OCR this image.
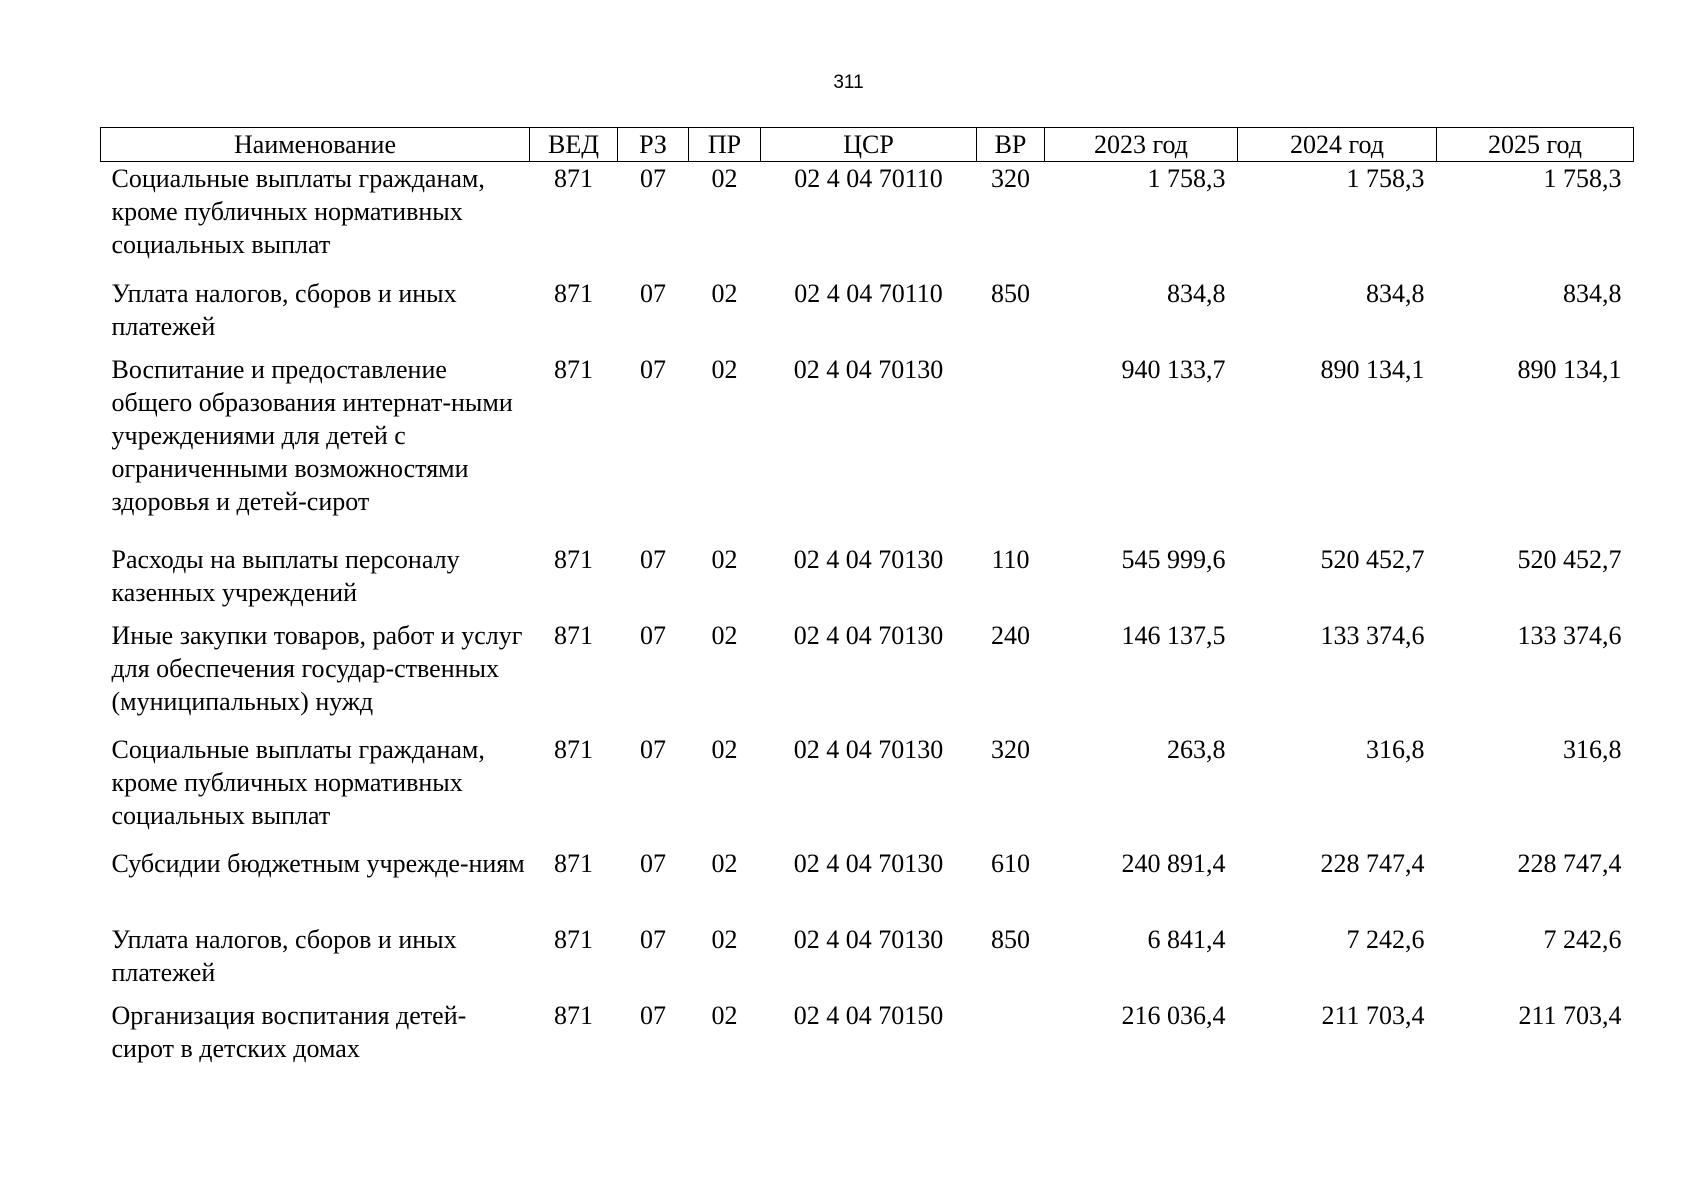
311
Наименование	ВЕД	РЗ	ПР	ЦСР	ВР	2023 год	2024 год	2025 год
Социальные выплаты гражданам, кроме публичных нормативных социальных выплат	871	07	02	02 4 04 70110	320	1 758,3	1 758,3	1 758,3
Уплата налогов, сборов и иных платежей	871	07	02	02 4 04 70110	850	834,8	834,8	834,8
Воспитание и предоставление общего образования интернат-ными учреждениями для детей с ограниченными возможностями здоровья и детей-сирот	871	07	02	02 4 04 70130		940 133,7	890 134,1	890 134,1
Расходы на выплаты персоналу казенных учреждений	871	07	02	02 4 04 70130	110	545 999,6	520 452,7	520 452,7
Иные закупки товаров, работ и услуг для обеспечения государ-ственных (муниципальных) нужд	871	07	02	02 4 04 70130	240	146 137,5	133 374,6	133 374,6
Социальные выплаты гражданам, кроме публичных нормативных социальных выплат	871	07	02	02 4 04 70130	320	263,8	316,8	316,8
Субсидии бюджетным учрежде-ниям	871	07	02	02 4 04 70130	610	240 891,4	228 747,4	228 747,4
Уплата налогов, сборов и иных платежей	871	07	02	02 4 04 70130	850	6 841,4	7 242,6	7 242,6
Организация воспитания детей-сирот в детских домах	871	07	02	02 4 04 70150		216 036,4	211 703,4	211 703,4
